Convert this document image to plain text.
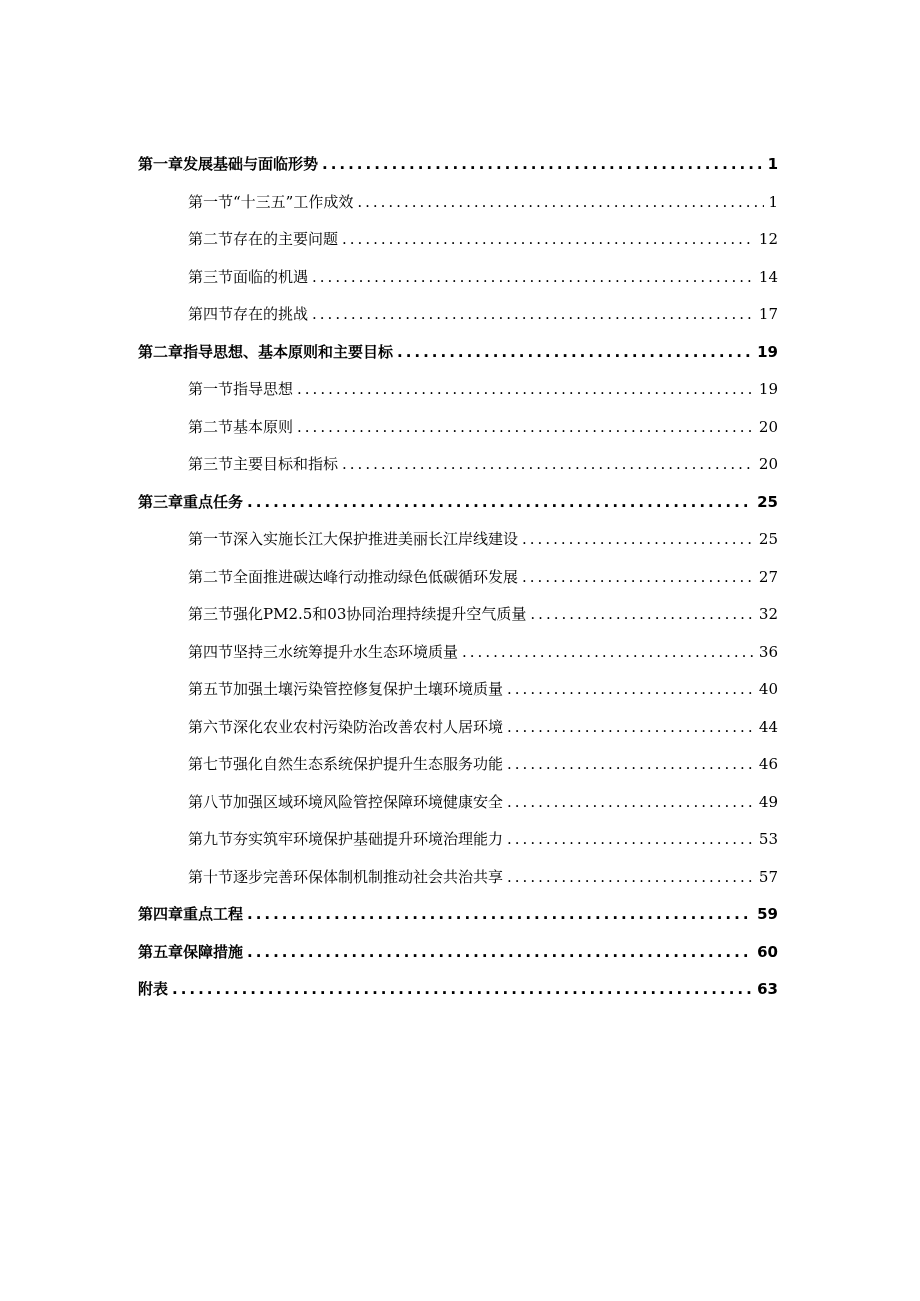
第一章发展基础与面临形势 .....	1
第一节“十三五”工作成效 .....	1
第二节存在的主要问题 .....	12
第三节面临的机遇 .....	14
第四节存在的挑战 .....	17
第二章指导思想、基本原则和主要目标 .....	19
第一节指导思想 .....	19
第二节基本原则 .....	20
第三节主要目标和指标 .....	20
第三章重点任务 .....	25
第一节深入实施长江大保护推进美丽长江岸线建设 .....	25
第二节全面推进碳达峰行动推动绿色低碳循环发展 .....	27
第三节强化PM2.5和03协同治理持续提升空气质量 .....	32
第四节坚持三水统筹提升水生态环境质量 .....	36
第五节加强土壤污染管控修复保护土壤环境质量 .....	40
第六节深化农业农村污染防治改善农村人居环境 .....	44
第七节强化自然生态系统保护提升生态服务功能 .....	46
第八节加强区域环境风险管控保障环境健康安全 .....	49
第九节夯实筑牢环境保护基础提升环境治理能力 .....	53
第十节逐步完善环保体制机制推动社会共治共享 .....	57
第四章重点工程 .....	59
第五章保障措施 .....	60
附表 .....	63
